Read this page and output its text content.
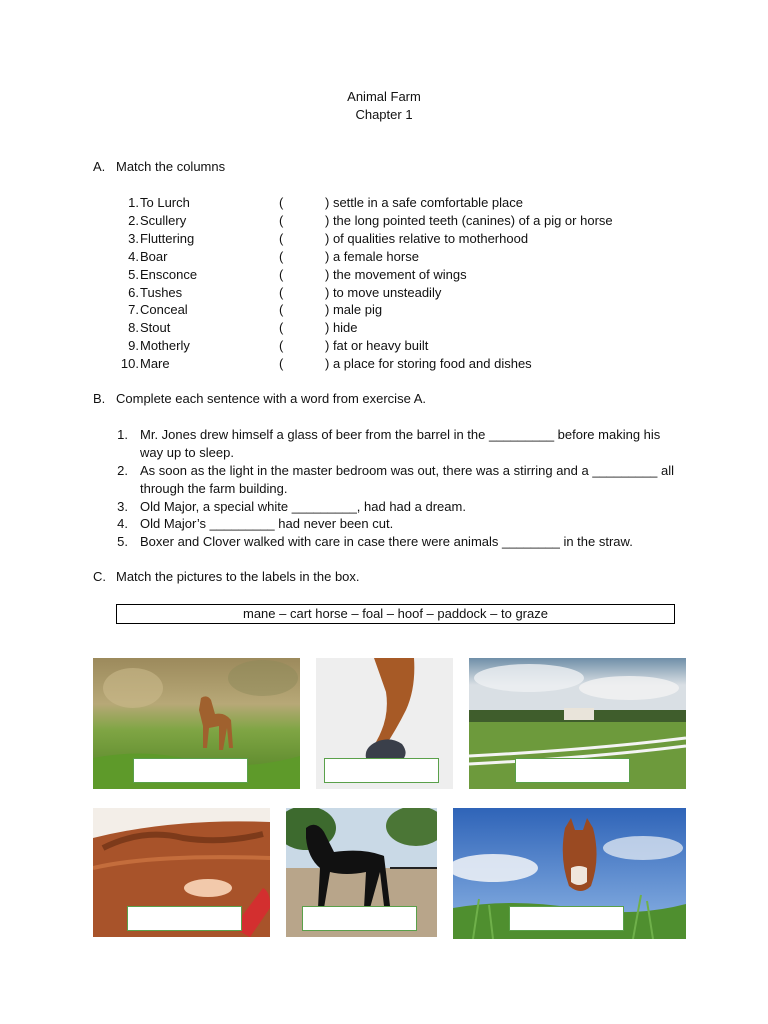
Animal Farm
Chapter 1
A. Match the columns
1. To Lurch	(	) settle in a safe comfortable place
2. Scullery	(	) the long pointed teeth (canines) of a pig or horse
3. Fluttering	(	) of qualities relative to motherhood
4. Boar	(	) a female horse
5. Ensconce	(	) the movement of wings
6. Tushes	(	) to move unsteadily
7. Conceal	(	) male pig
8. Stout	(	) hide
9. Motherly	(	) fat or heavy built
10. Mare	(	) a place for storing food and dishes
B. Complete each sentence with a word from exercise A.
1. Mr. Jones drew himself a glass of beer from the barrel in the _________ before making his way up to sleep.
2. As soon as the light in the master bedroom was out, there was a stirring and a _________ all through the farm building.
3. Old Major, a special white _________, had had a dream.
4. Old Major’s _________ had never been cut.
5. Boxer and Clover walked with care in case there were animals ________ in the straw.
C. Match the pictures to the labels in the box.
mane – cart horse – foal – hoof – paddock – to graze
